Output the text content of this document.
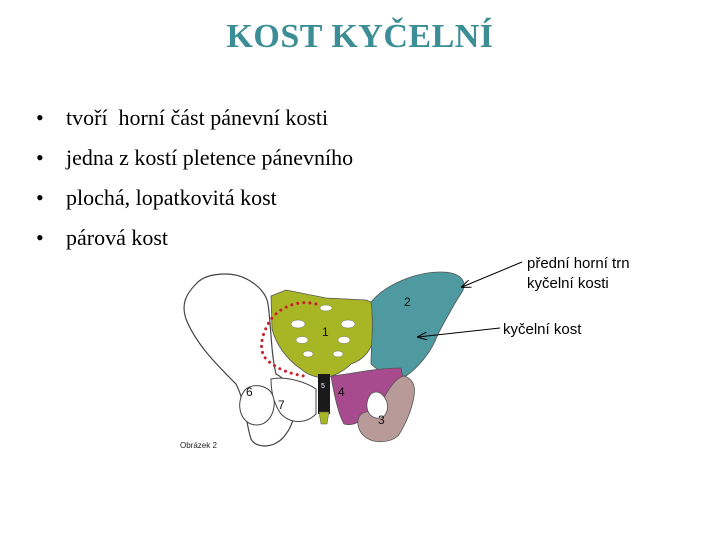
KOST KYČELNÍ
• tvoří  horní část pánevní kosti
• jedna z kostí pletence pánevního
• plochá, lopatkovitá kost
• párová kost
1
2
3
4
5
6
7
Obrázek 2
přední horní trn
kyčelní kosti
kyčelní kost
